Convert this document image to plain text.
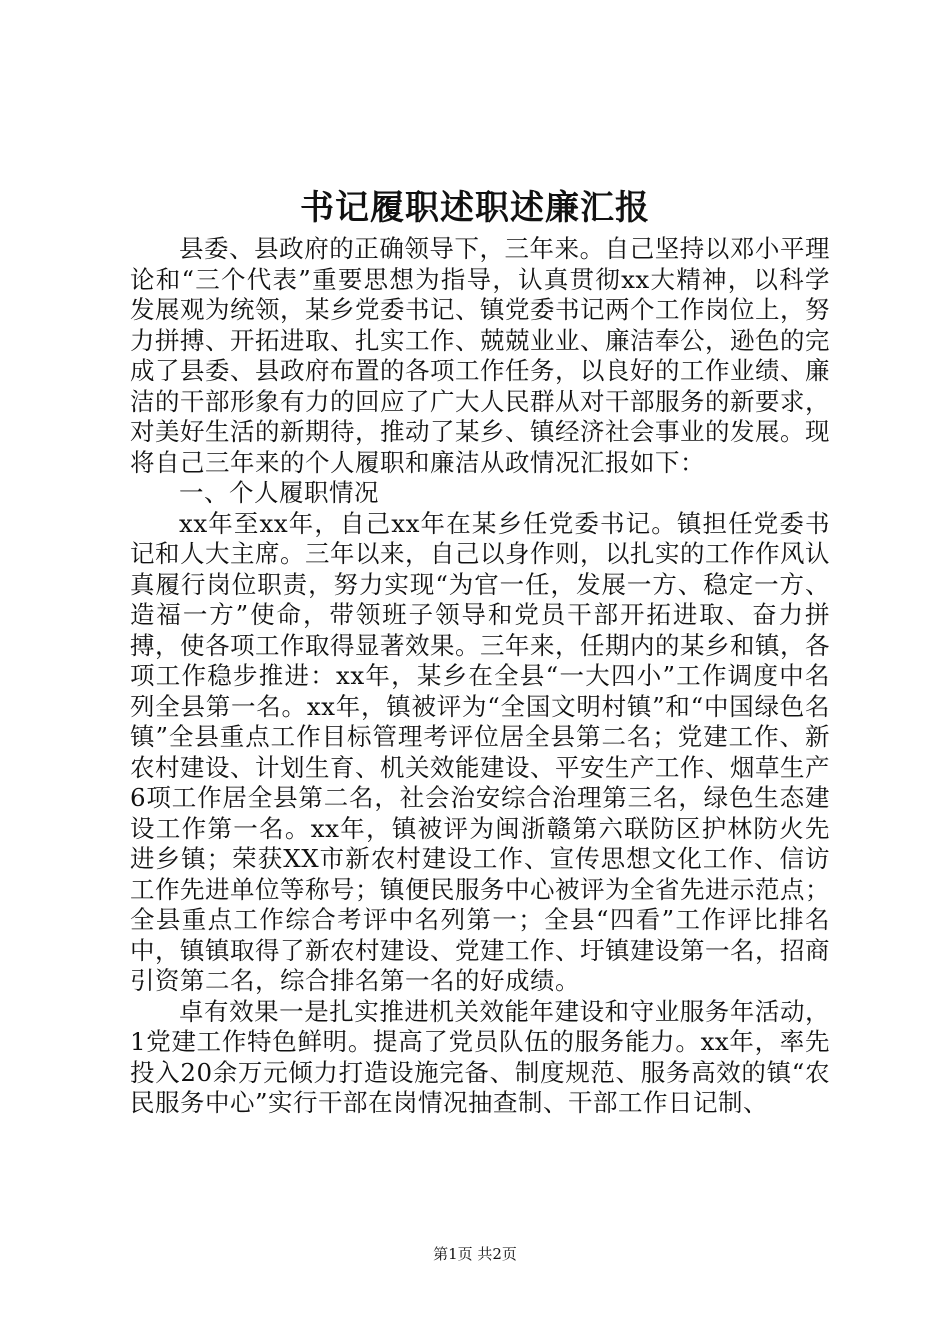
书记履职述职述廉汇报

县委、县政府的正确领导下，三年来。自己坚持以邓小平理论和“三个代表”重要思想为指导，认真贯彻xx大精神，以科学发展观为统领，某乡党委书记、镇党委书记两个工作岗位上，努力拼搏、开拓进取、扎实工作、兢兢业业、廉洁奉公，逊色的完成了县委、县政府布置的各项工作任务，以良好的工作业绩、廉洁的干部形象有力的回应了广大人民群从对干部服务的新要求，对美好生活的新期待，推动了某乡、镇经济社会事业的发展。现将自己三年来的个人履职和廉洁从政情况汇报如下：

一、个人履职情况

xx年至xx年，自己xx年在某乡任党委书记。镇担任党委书记和人大主席。三年以来，自己以身作则，以扎实的工作作风认真履行岗位职责，努力实现“为官一任，发展一方、稳定一方、造福一方”使命，带领班子领导和党员干部开拓进取、奋力拼搏，使各项工作取得显著效果。三年来，任期内的某乡和镇，各项工作稳步推进：xx年，某乡在全县“一大四小”工作调度中名列全县第一名。xx年，镇被评为“全国文明村镇”和“中国绿色名镇”全县重点工作目标管理考评位居全县第二名；党建工作、新农村建设、计划生育、机关效能建设、平安生产工作、烟草生产6项工作居全县第二名，社会治安综合治理第三名，绿色生态建设工作第一名。xx年，镇被评为闽浙赣第六联防区护林防火先进乡镇；荣获XX市新农村建设工作、宣传思想文化工作、信访工作先进单位等称号；镇便民服务中心被评为全省先进示范点；全县重点工作综合考评中名列第一；全县“四看”工作评比排名中，镇镇取得了新农村建设、党建工作、圩镇建设第一名，招商引资第二名，综合排名第一名的好成绩。

卓有效果一是扎实推进机关效能年建设和守业服务年活动，1党建工作特色鲜明。提高了党员队伍的服务能力。xx年，率先投入20余万元倾力打造设施完备、制度规范、服务高效的镇“农民服务中心”实行干部在岗情况抽查制、干部工作日记制、

第1页 共2页
